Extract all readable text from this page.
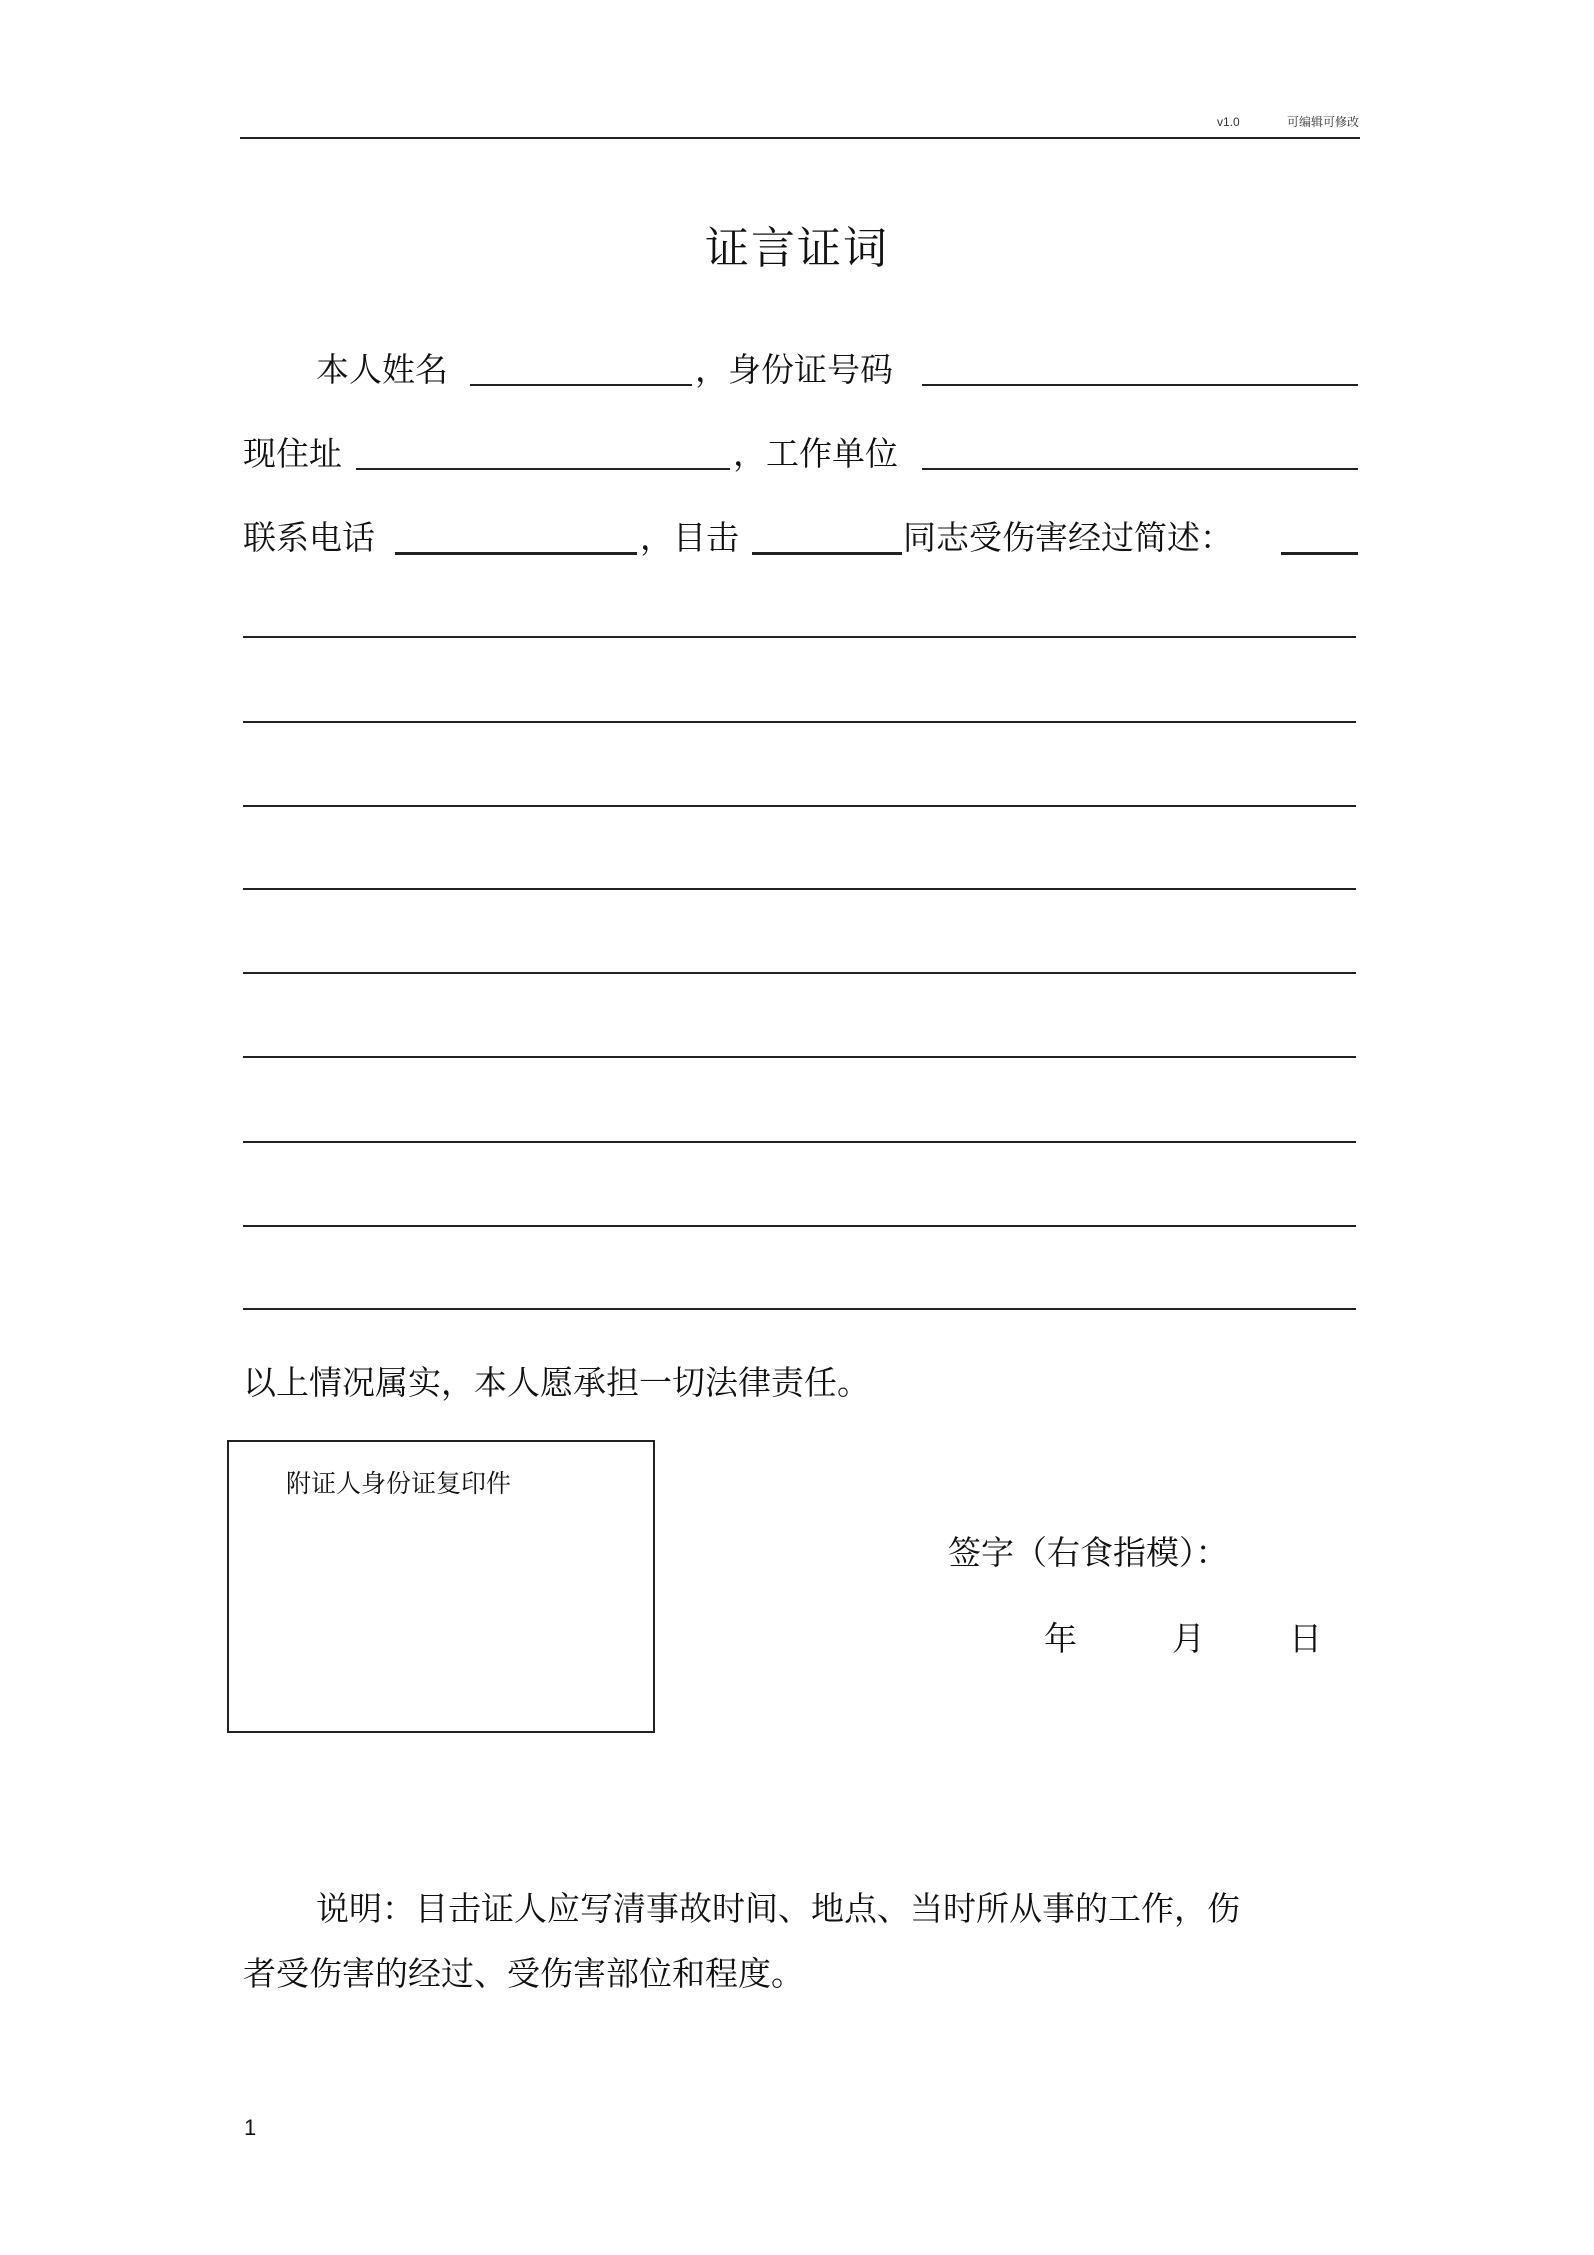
v1.0	可编辑可修改
证言证词
本人姓名	，身份证号码
现住址	，工作单位
联系电话	，目击	同志受伤害经过简述：
以上情况属实，本人愿承担一切法律责任。
附证人身份证复印件
签字（右食指模）：
年	月	日
说明：目击证人应写清事故时间、地点、当时所从事的工作，伤
者受伤害的经过、受伤害部位和程度。
1
